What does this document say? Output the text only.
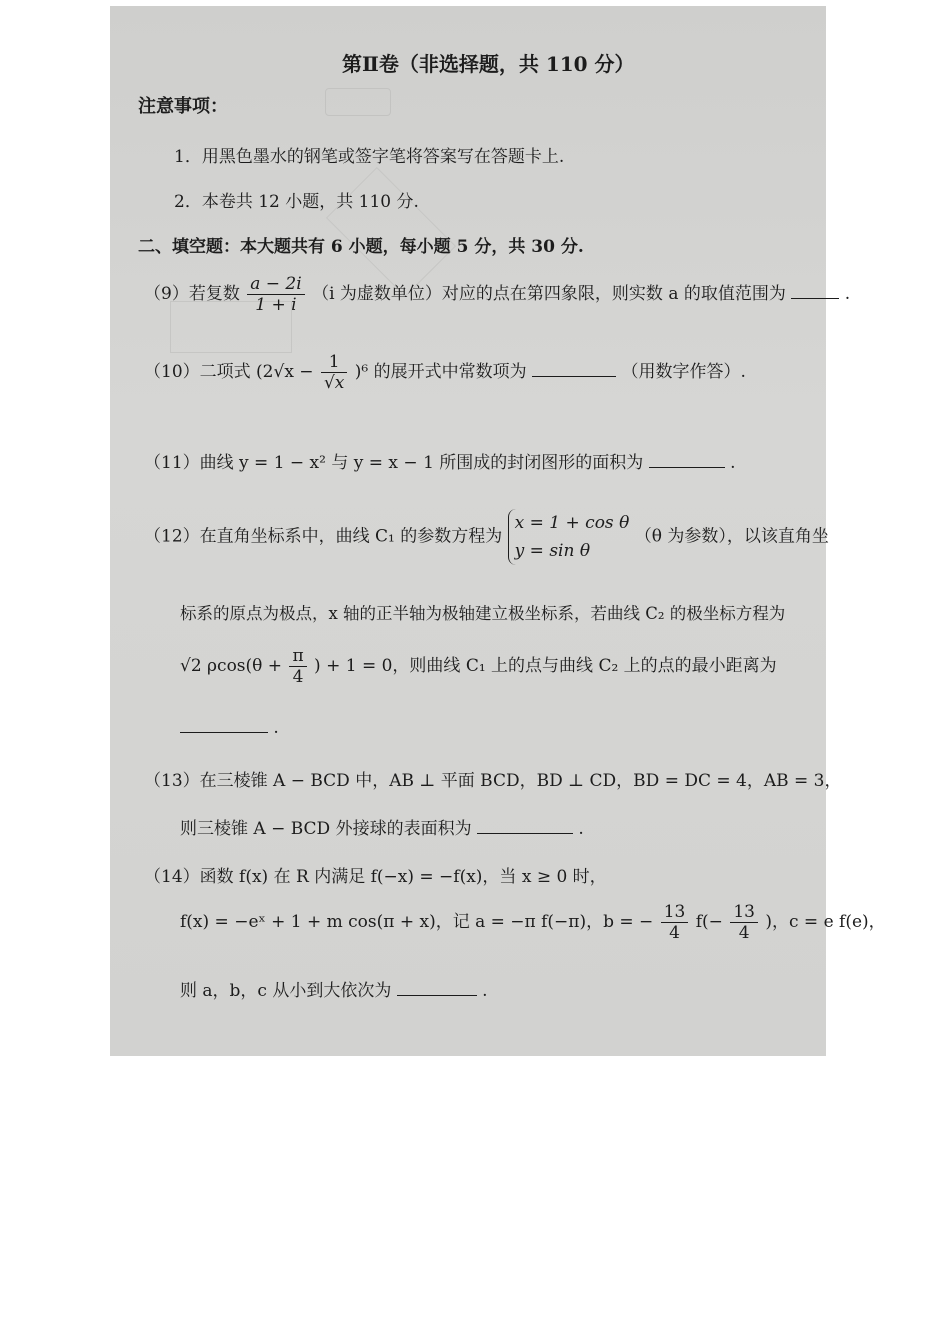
第Ⅱ卷（非选择题，共 110 分）
注意事项：
1．用黑色墨水的钢笔或签字笔将答案写在答题卡上.
2．本卷共 12 小题，共 110 分.
二、填空题：本大题共有 6 小题，每小题 5 分，共 30 分.
（9）若复数 $\frac{a - 2i}{1 + i} (i$ 为虚数单位）对应的点在第四象限，则实数 a 的取值范围为	.
（10）二项式 $(2√x - \frac{1}{√x} )^6$ 的展开式中常数项为	（用数字作答）.
（11）曲线 y = 1 − x² 与 y = x − 1 所围成的封闭图形的面积为	.
（12）在直角坐标系中，曲线 C₁ 的参数方程为
x = 1 + cos θ
y = sin θ
（θ 为参数），以该直角坐
标系的原点为极点，x 轴的正半轴为极轴建立极坐标系，若曲线 C₂ 的极坐标方程为
√2 $\rho\cos(\theta + \frac{\pi}{4}$ ) + 1 = 0，则曲线 C₁ 上的点与曲线 C₂ 上的点的最小距离为
.
（13）在三棱锥 A − BCD 中，AB ⊥ 平面 BCD，BD ⊥ CD，BD = DC = 4，AB = 3，
则三棱锥 A − BCD 外接球的表面积为	.
（14）函数 f(x) 在 R 内满足 f(−x) = −f(x)，当 x ≥ 0 时，
f(x) = −eˣ + 1 + m cos(π + x)，记 a = −π f(−π)，b = − $\frac{13}{4} f(- \frac{13}{4}$ )，c = e f(e)，
则 a，b，c 从小到大依次为	.
